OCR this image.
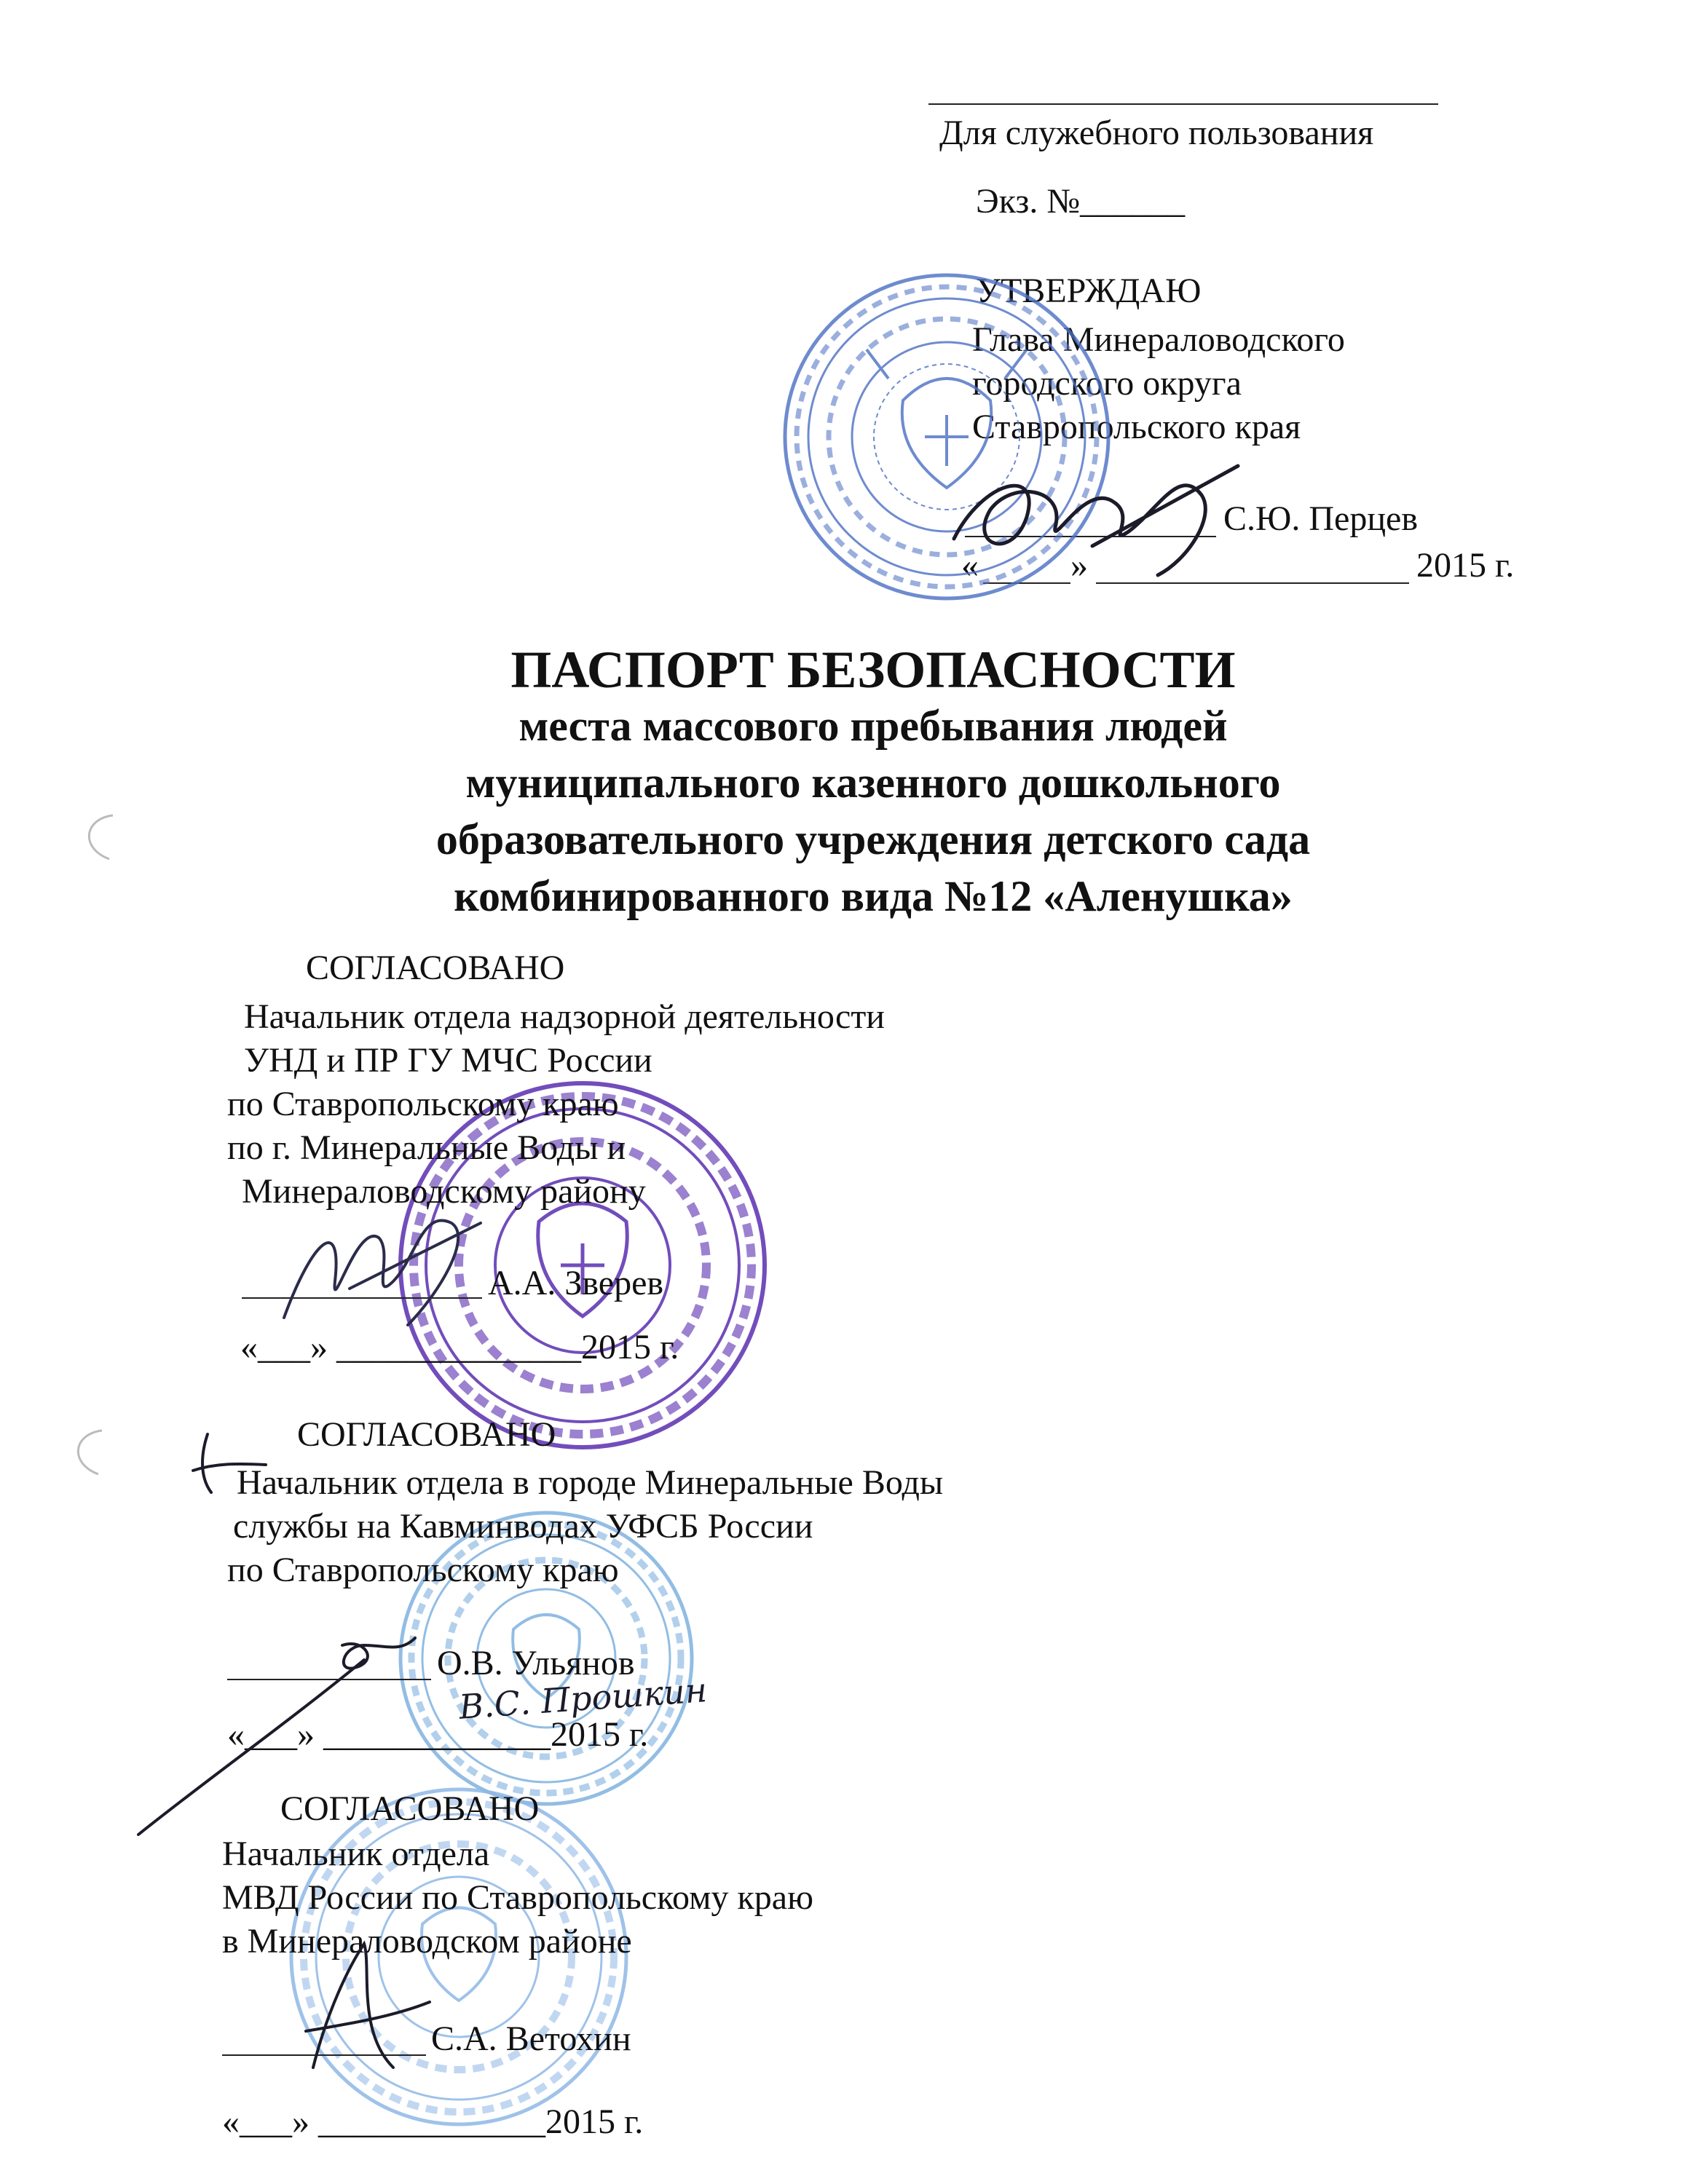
Для служебного пользования
Экз. №______
УТВЕРЖДАЮ
Глава Минераловодского
городского округа
Ставропольского края
С.Ю. Перцев
«	»	2015 г.
ПАСПОРТ БЕЗОПАСНОСТИ
места массового пребывания людей
муниципального казенного дошкольного
образовательного учреждения детского сада
комбинированного вида №12 «Аленушка»
СОГЛАСОВАНО
Начальник отдела надзорной деятельности
УНД и ПР ГУ МЧС России
по Ставропольскому краю
по г. Минеральные Воды и
Минераловодскому району
А.А. Зверев
«___» ______________2015 г.
СОГЛАСОВАНО
Начальник отдела в городе Минеральные Воды
службы на Кавминводах УФСБ России
по Ставропольскому краю
О.В. Ульянов
«___» _____________2015 г.
В.С. Прошкин
СОГЛАСОВАНО
Начальник отдела
МВД России по Ставропольскому краю
в Минераловодском районе
С.А. Ветохин
«___» _____________2015 г.
